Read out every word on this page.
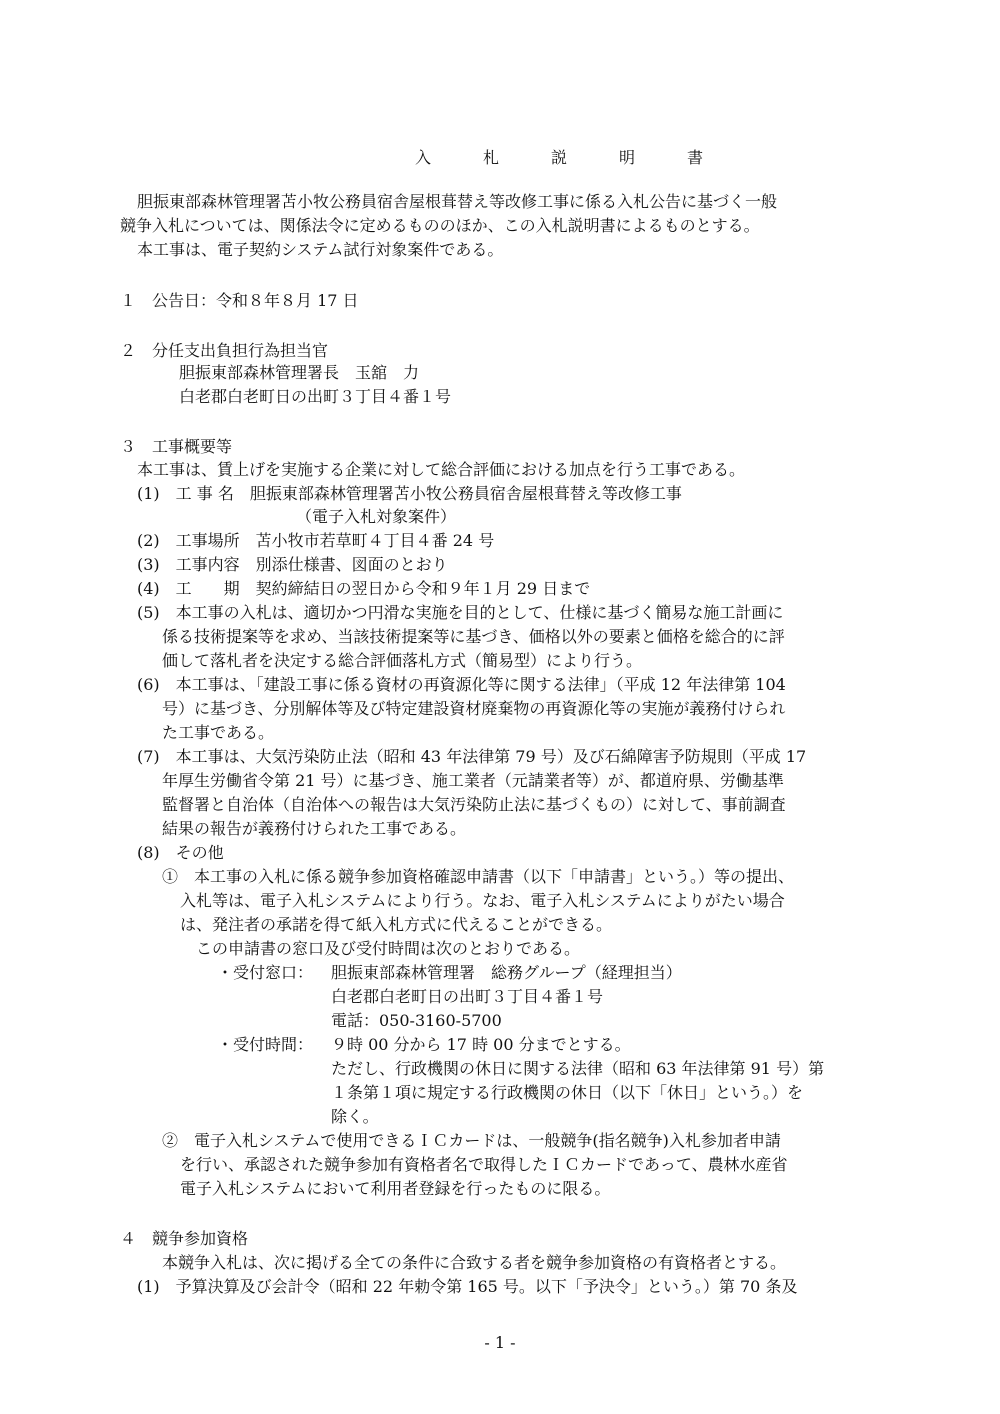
入　札　説　明　書
胆振東部森林管理署苫小牧公務員宿舎屋根葺替え等改修工事に係る入札公告に基づく一般
競争入札については、関係法令に定めるもののほか、この入札説明書によるものとする。
本工事は、電子契約システム試行対象案件である。
１　公告日：令和８年８月 17 日
２　分任支出負担行為担当官
胆振東部森林管理署長　玉舘　力
白老郡白老町日の出町３丁目４番１号
３　工事概要等
本工事は、賃上げを実施する企業に対して総合評価における加点を行う工事である。
(1)　工 事 名　胆振東部森林管理署苫小牧公務員宿舎屋根葺替え等改修工事
（電子入札対象案件）
(2)　工事場所　苫小牧市若草町４丁目４番 24 号
(3)　工事内容　別添仕様書、図面のとおり
(4)　工　　期　契約締結日の翌日から令和９年１月 29 日まで
(5)　本工事の入札は、適切かつ円滑な実施を目的として、仕様に基づく簡易な施工計画に
係る技術提案等を求め、当該技術提案等に基づき、価格以外の要素と価格を総合的に評
価して落札者を決定する総合評価落札方式（簡易型）により行う。
(6)　本工事は、「建設工事に係る資材の再資源化等に関する法律」（平成 12 年法律第 104
号）に基づき、分別解体等及び特定建設資材廃棄物の再資源化等の実施が義務付けられ
た工事である。
(7)　本工事は、大気汚染防止法（昭和 43 年法律第 79 号）及び石綿障害予防規則（平成 17
年厚生労働省令第 21 号）に基づき、施工業者（元請業者等）が、都道府県、労働基準
監督署と自治体（自治体への報告は大気汚染防止法に基づくもの）に対して、事前調査
結果の報告が義務付けられた工事である。
(8)　その他
①　本工事の入札に係る競争参加資格確認申請書（以下「申請書」という。）等の提出、
入札等は、電子入札システムにより行う。なお、電子入札システムによりがたい場合
は、発注者の承諾を得て紙入札方式に代えることができる。
この申請書の窓口及び受付時間は次のとおりである。
・受付窓口： 胆振東部森林管理署　総務グループ（経理担当）
白老郡白老町日の出町３丁目４番１号
電話：050-3160-5700
・受付時間： ９時 00 分から 17 時 00 分までとする。
ただし、行政機関の休日に関する法律（昭和 63 年法律第 91 号）第
１条第１項に規定する行政機関の休日（以下「休日」という。）を
除く。
②　電子入札システムで使用できるＩＣカードは、一般競争(指名競争)入札参加者申請
を行い、承認された競争参加有資格者名で取得したＩＣカードであって、農林水産省
電子入札システムにおいて利用者登録を行ったものに限る。
４　競争参加資格
本競争入札は、次に掲げる全ての条件に合致する者を競争参加資格の有資格者とする。
(1)　予算決算及び会計令（昭和 22 年勅令第 165 号。以下「予決令」という。）第 70 条及
- 1 -
